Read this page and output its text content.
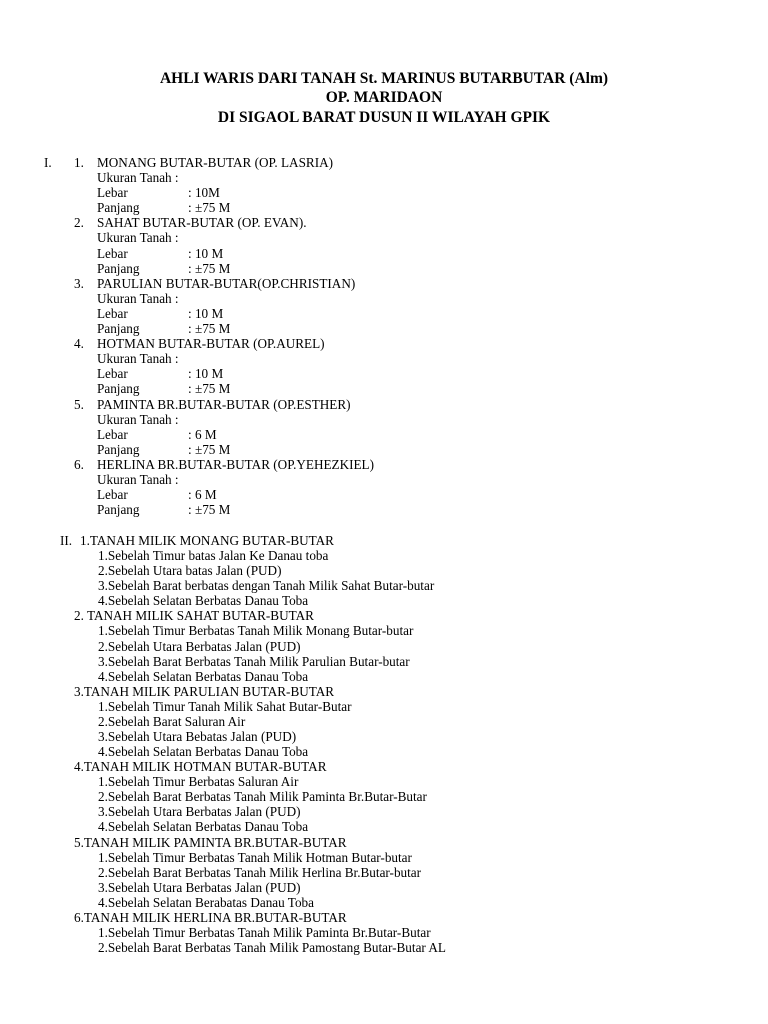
AHLI WARIS DARI TANAH St. MARINUS BUTARBUTAR (Alm)
OP. MARIDAON
DI SIGAOL BARAT DUSUN II WILAYAH GPIK
I. 1. MONANG BUTAR-BUTAR (OP. LASRIA)
Ukuran Tanah :
Lebar	: 10M
Panjang	: ±75 M
2. SAHAT BUTAR-BUTAR (OP. EVAN).
Ukuran Tanah :
Lebar	: 10 M
Panjang	: ±75 M
3. PARULIAN BUTAR-BUTAR(OP.CHRISTIAN)
Ukuran Tanah :
Lebar	: 10 M
Panjang	: ±75 M
4. HOTMAN BUTAR-BUTAR (OP.AUREL)
Ukuran Tanah :
Lebar	: 10 M
Panjang	: ±75 M
5. PAMINTA BR.BUTAR-BUTAR (OP.ESTHER)
Ukuran Tanah :
Lebar	: 6 M
Panjang	: ±75 M
6. HERLINA BR.BUTAR-BUTAR (OP.YEHEZKIEL)
Ukuran Tanah :
Lebar	: 6 M
Panjang	: ±75 M
II. 1.TANAH MILIK MONANG BUTAR-BUTAR
1.Sebelah Timur batas Jalan Ke Danau toba
2.Sebelah Utara batas Jalan (PUD)
3.Sebelah Barat berbatas dengan Tanah Milik Sahat Butar-butar
4.Sebelah Selatan Berbatas Danau Toba
2. TANAH MILIK SAHAT BUTAR-BUTAR
1.Sebelah Timur Berbatas Tanah Milik Monang Butar-butar
2.Sebelah Utara Berbatas Jalan (PUD)
3.Sebelah Barat Berbatas Tanah Milik Parulian Butar-butar
4.Sebelah Selatan Berbatas Danau Toba
3.TANAH MILIK PARULIAN BUTAR-BUTAR
1.Sebelah Timur Tanah Milik Sahat Butar-Butar
2.Sebelah Barat Saluran Air
3.Sebelah Utara Bebatas Jalan (PUD)
4.Sebelah Selatan Berbatas Danau Toba
4.TANAH MILIK HOTMAN BUTAR-BUTAR
1.Sebelah Timur Berbatas Saluran Air
2.Sebelah Barat Berbatas Tanah Milik Paminta Br.Butar-Butar
3.Sebelah Utara Berbatas Jalan (PUD)
4.Sebelah Selatan Berbatas Danau Toba
5.TANAH MILIK PAMINTA BR.BUTAR-BUTAR
1.Sebelah Timur Berbatas Tanah Milik Hotman Butar-butar
2.Sebelah Barat Berbatas Tanah Milik Herlina Br.Butar-butar
3.Sebelah Utara Berbatas Jalan (PUD)
4.Sebelah Selatan Berabatas Danau Toba
6.TANAH MILIK HERLINA BR.BUTAR-BUTAR
1.Sebelah Timur Berbatas Tanah Milik Paminta Br.Butar-Butar
2.Sebelah Barat Berbatas Tanah Milik Pamostang Butar-Butar AL
